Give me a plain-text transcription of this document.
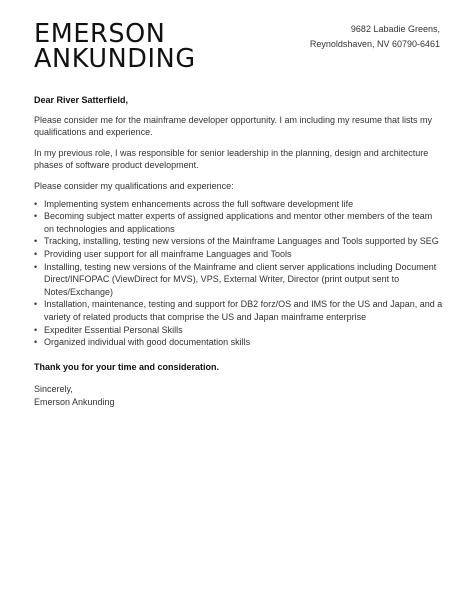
EMERSON
ANKUNDING
9682 Labadie Greens,
Reynoldshaven, NV 60790-6461

Dear River Satterfield,

Please consider me for the mainframe developer opportunity. I am including my resume that lists my qualifications and experience.

In my previous role, I was responsible for senior leadership in the planning, design and architecture phases of software product development.

Please consider my qualifications and experience:

• Implementing system enhancements across the full software development life
• Becoming subject matter experts of assigned applications and mentor other members of the team on technologies and applications
• Tracking, installing, testing new versions of the Mainframe Languages and Tools supported by SEG
• Providing user support for all mainframe Languages and Tools
• Installing, testing new versions of the Mainframe and client server applications including Document Direct/INFOPAC (ViewDirect for MVS), VPS, External Writer, Director (print output sent to Notes/Exchange)
• Installation, maintenance, testing and support for DB2 forz/OS and IMS for the US and Japan, and a variety of related products that comprise the US and Japan mainframe enterprise
• Expediter Essential Personal Skills
• Organized individual with good documentation skills

Thank you for your time and consideration.

Sincerely,
Emerson Ankunding
